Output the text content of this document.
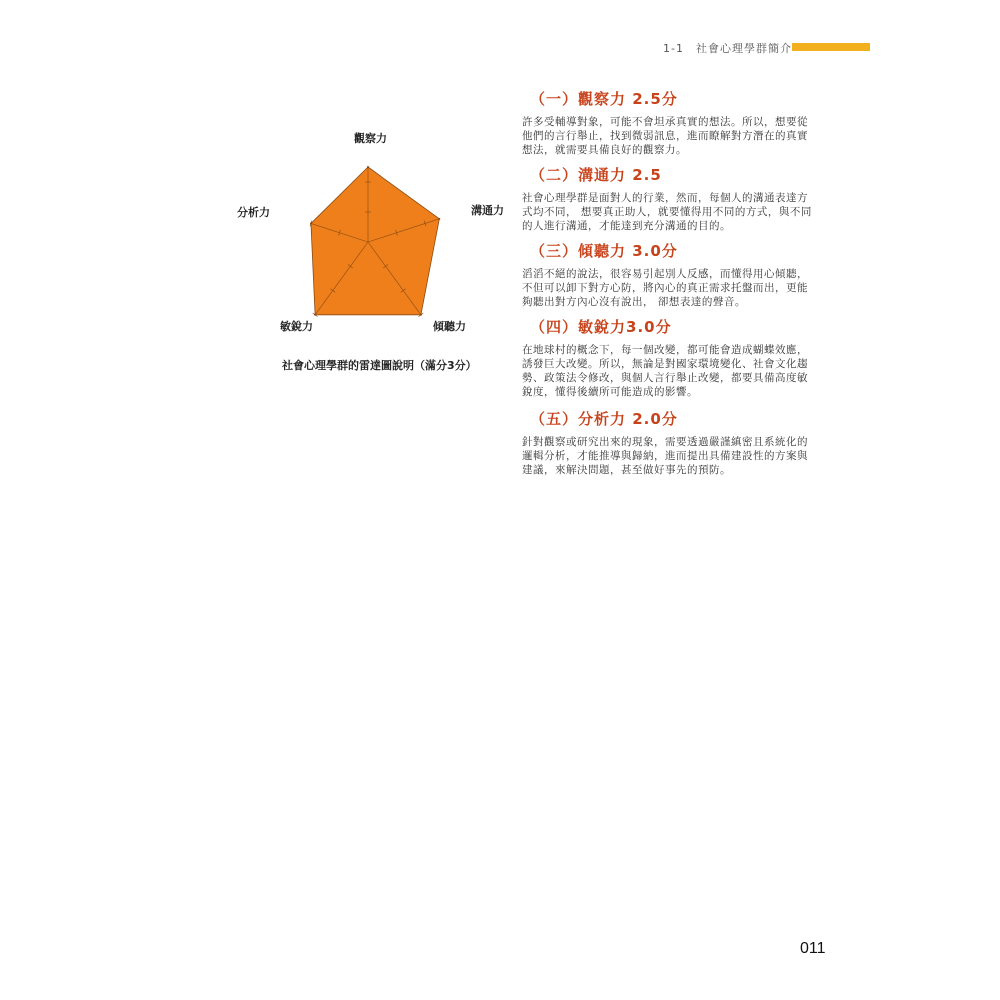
1-1　社會心理學群簡介
觀察力
溝通力
傾聽力
敏銳力
分析力
社會心理學群的雷達圖說明（滿分3分）
（一）觀察力 2.5分

許多受輔導對象，可能不會坦承真實的想法。所以，想要從他們的言行舉止，找到微弱訊息，進而瞭解對方潛在的真實想法，就需要具備良好的觀察力。

（二）溝通力 2.5

社會心理學群是面對人的行業，然而，每個人的溝通表達方式均不同， 想要真正助人，就要懂得用不同的方式，與不同的人進行溝通，才能達到充分溝通的目的。

（三）傾聽力 3.0分

滔滔不絕的說法，很容易引起別人反感，而懂得用心傾聽，不但可以卸下對方心防，將內心的真正需求托盤而出，更能夠聽出對方內心沒有說出， 卻想表達的聲音。

（四）敏銳力3.0分

在地球村的概念下，每一個改變，都可能會造成蝴蝶效應，誘發巨大改變。所以，無論是對國家環境變化、社會文化趨勢、政策法令修改，與個人言行舉止改變，都要具備高度敏銳度，懂得後續所可能造成的影響。

（五）分析力 2.0分

針對觀察或研究出來的現象，需要透過嚴謹縝密且系統化的邏輯分析，才能推導與歸納，進而提出具備建設性的方案與建議，來解決問題，甚至做好事先的預防。

011
